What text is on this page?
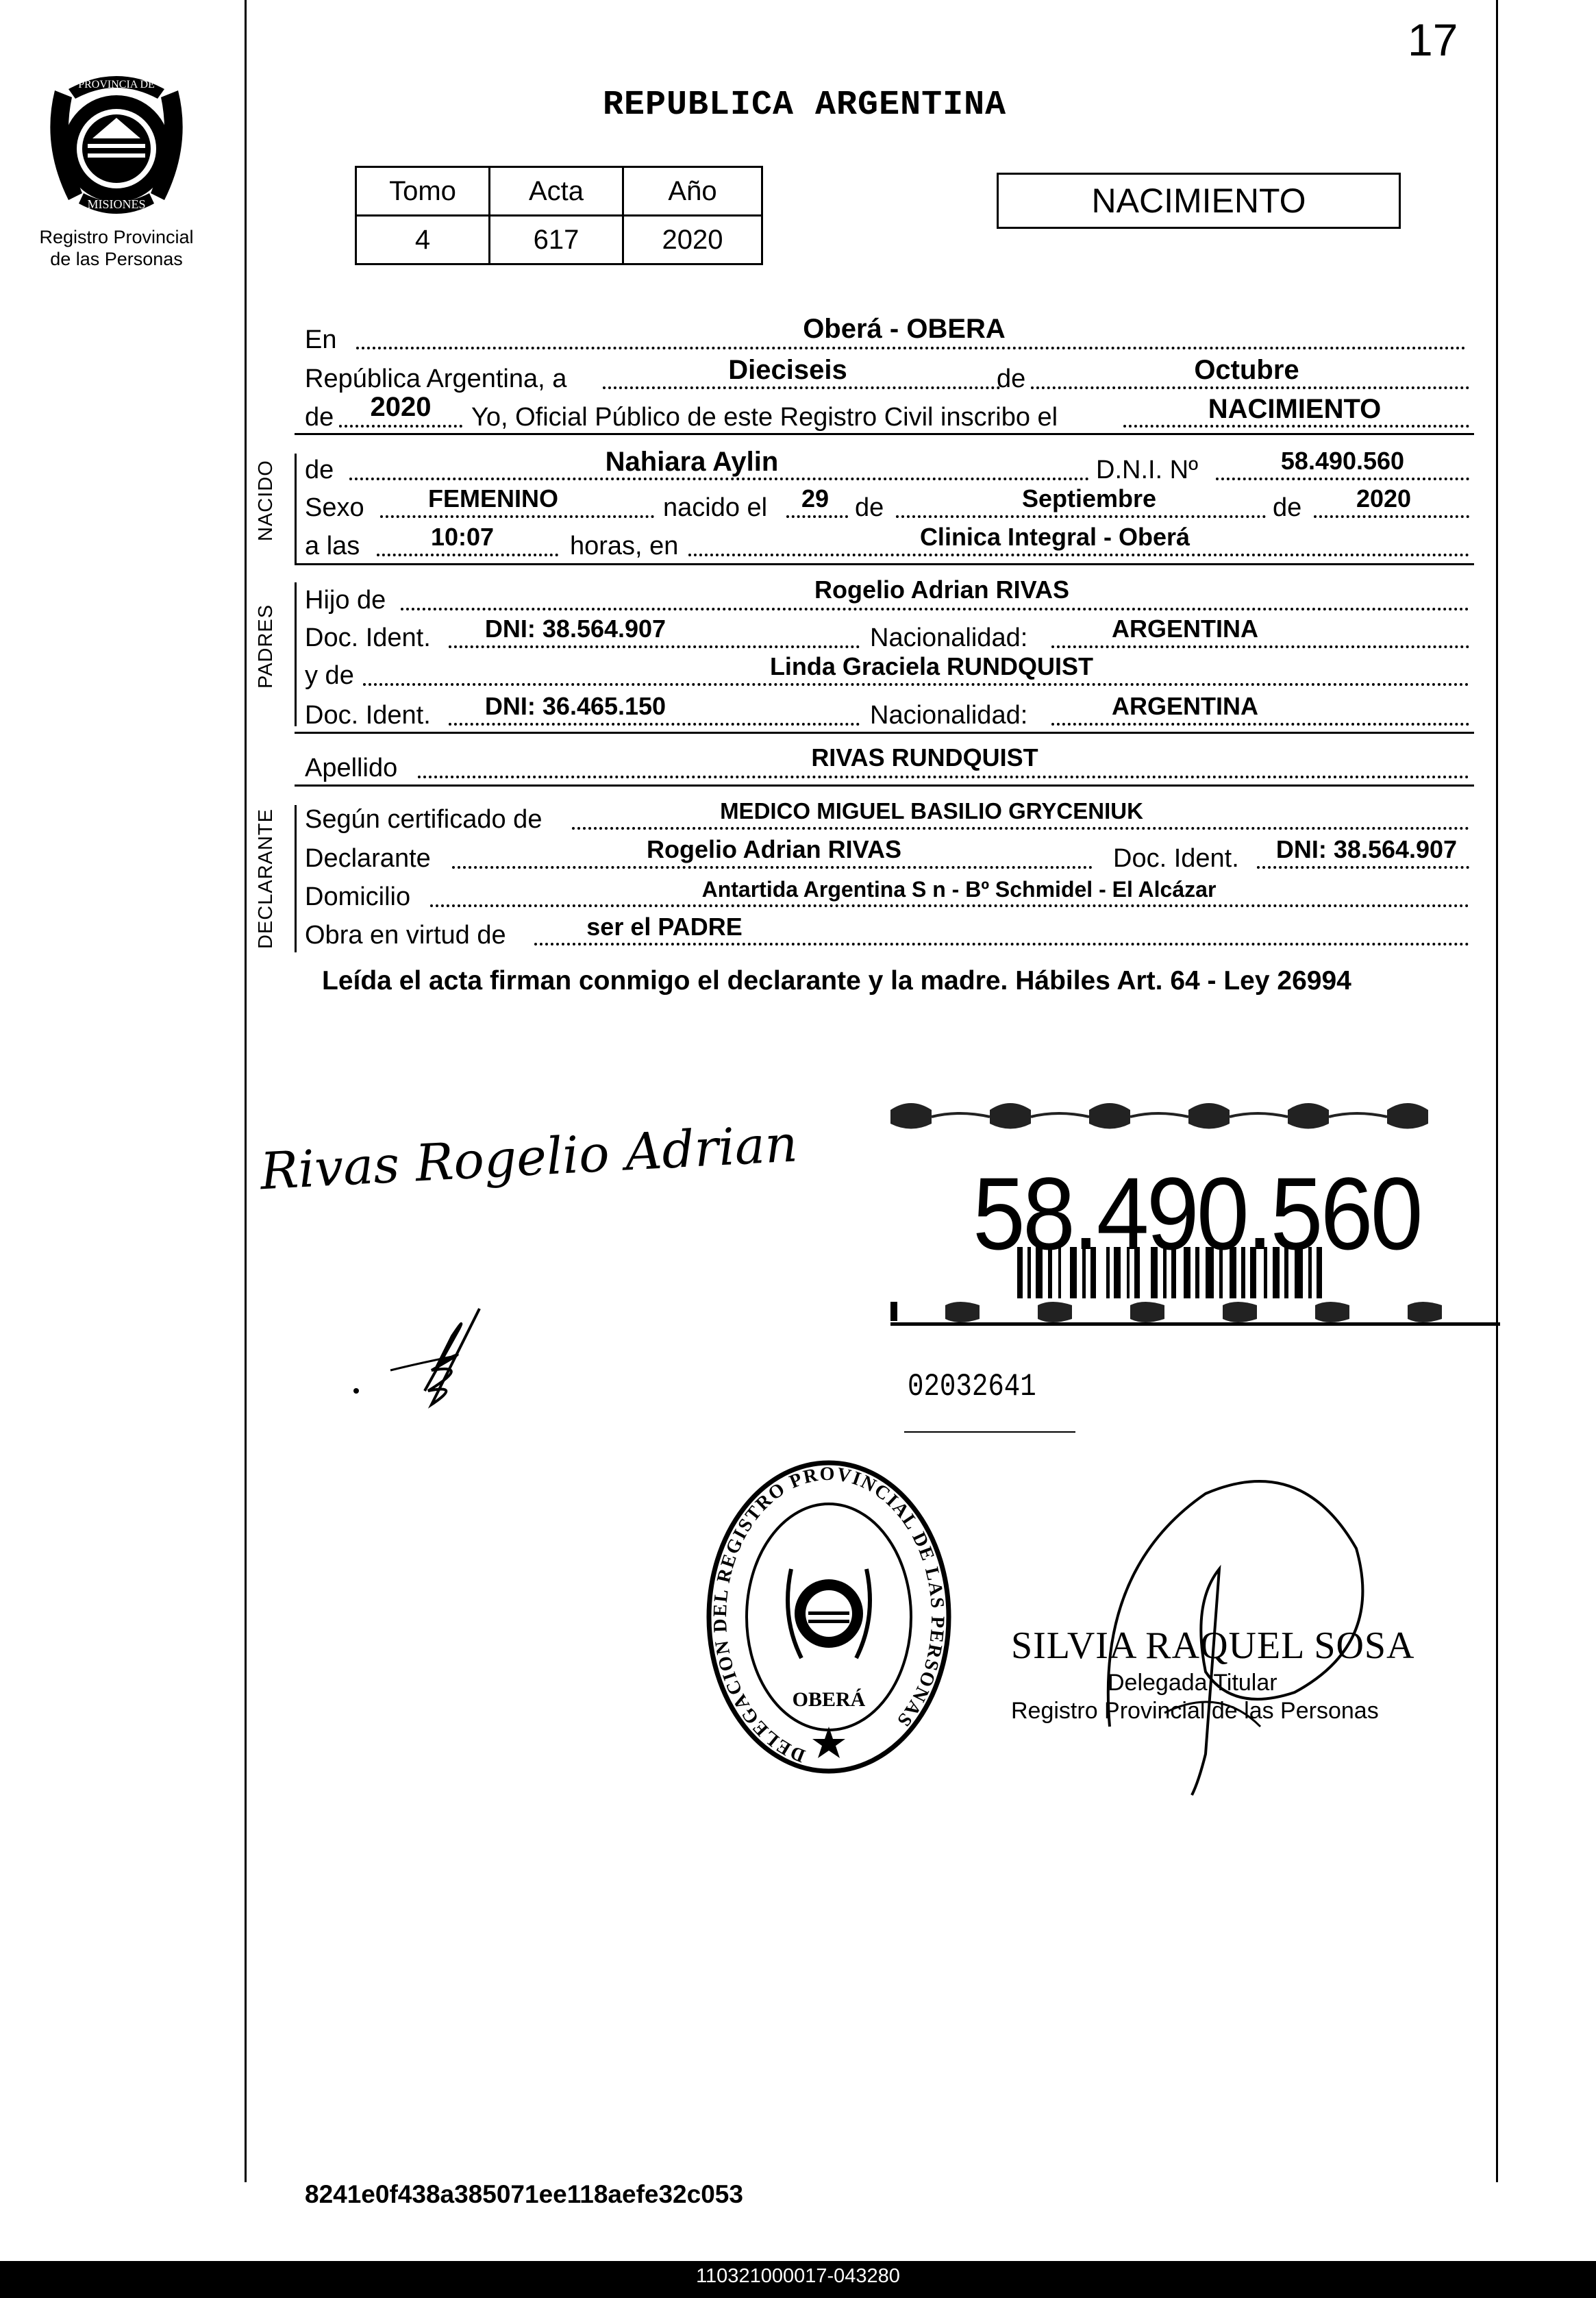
PROVINCIA DE
MISIONES
Registro Provincial
de las Personas
17
REPUBLICA ARGENTINA
Tomo	Acta	Año
4	617	2020
NACIMIENTO
En	Oberá - OBERA
República Argentina, a	Dieciseis	de	Octubre
de	2020	Yo, Oficial Público de este Registro Civil inscribo el	NACIMIENTO
NACIDO de	Nahiara Aylin	D.N.I. Nº	58.490.560
Sexo	FEMENINO	nacido el	29 de	Septiembre	de	2020
a las	10:07	horas, en	Clinica Integral - Oberá
PADRES
Hijo de	Rogelio Adrian RIVAS
Doc. Ident.	DNI: 38.564.907	Nacionalidad:	ARGENTINA
y de	Linda Graciela RUNDQUIST
Doc. Ident.	DNI: 36.465.150	Nacionalidad:	ARGENTINA
Apellido	RIVAS RUNDQUIST
DECLARANTE Según certificado de	MEDICO MIGUEL BASILIO GRYCENIUK
Declarante	Rogelio Adrian RIVAS	Doc. Ident.	DNI: 38.564.907
Domicilio	Antartida Argentina S n - Bº Schmidel - El Alcázar
Obra en virtud de	ser el PADRE
Leída el acta firman conmigo el declarante y la madre. Hábiles Art. 64 - Ley 26994
Rivas Rogelio Adrian 58.490.560
02032641
DELEGACION DEL REGISTRO PROVINCIAL DE LAS PERSONAS
OBERÁ
SILVIA RAQUEL SOSA
Delegada Titular
Registro Provincial de las Personas
8241e0f438a385071ee118aefe32c053
110321000017-043280
